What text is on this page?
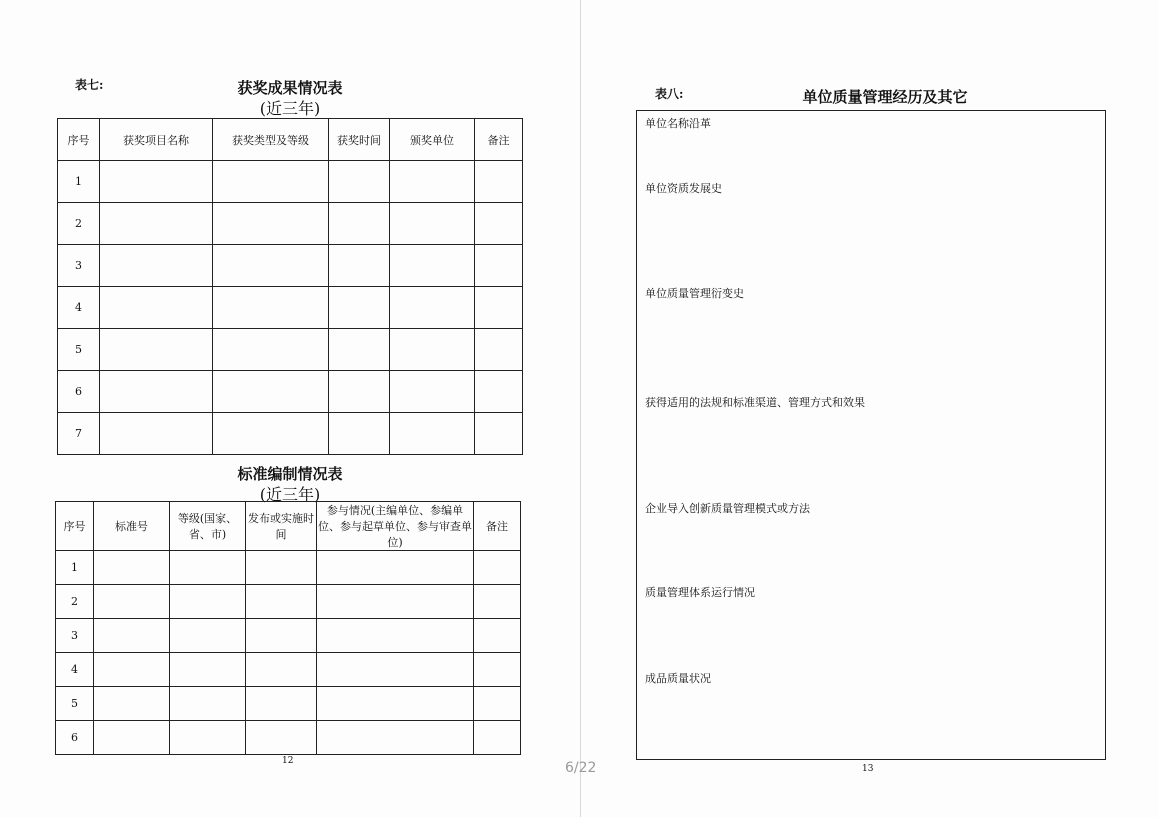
表七:	获奖成果情况表
(近三年)
序号	获奖项目名称	获奖类型及等级	获奖时间	颁奖单位	备注
1					
2					
3					
4					
5					
6					
7					
标准编制情况表
(近三年)
序号	标准号	等级(国家、省、市)	发布或实施时间	参与情况(主编单位、参编单位、参与起草单位、参与审查单位)	备注
1					
2					
3					
4					
5					
6					
12
表八:	单位质量管理经历及其它
单位名称沿革
单位资质发展史
单位质量管理衍变史
获得适用的法规和标准渠道、管理方式和效果
企业导入创新质量管理模式或方法
质量管理体系运行情况
成品质量状况
13
6/22
